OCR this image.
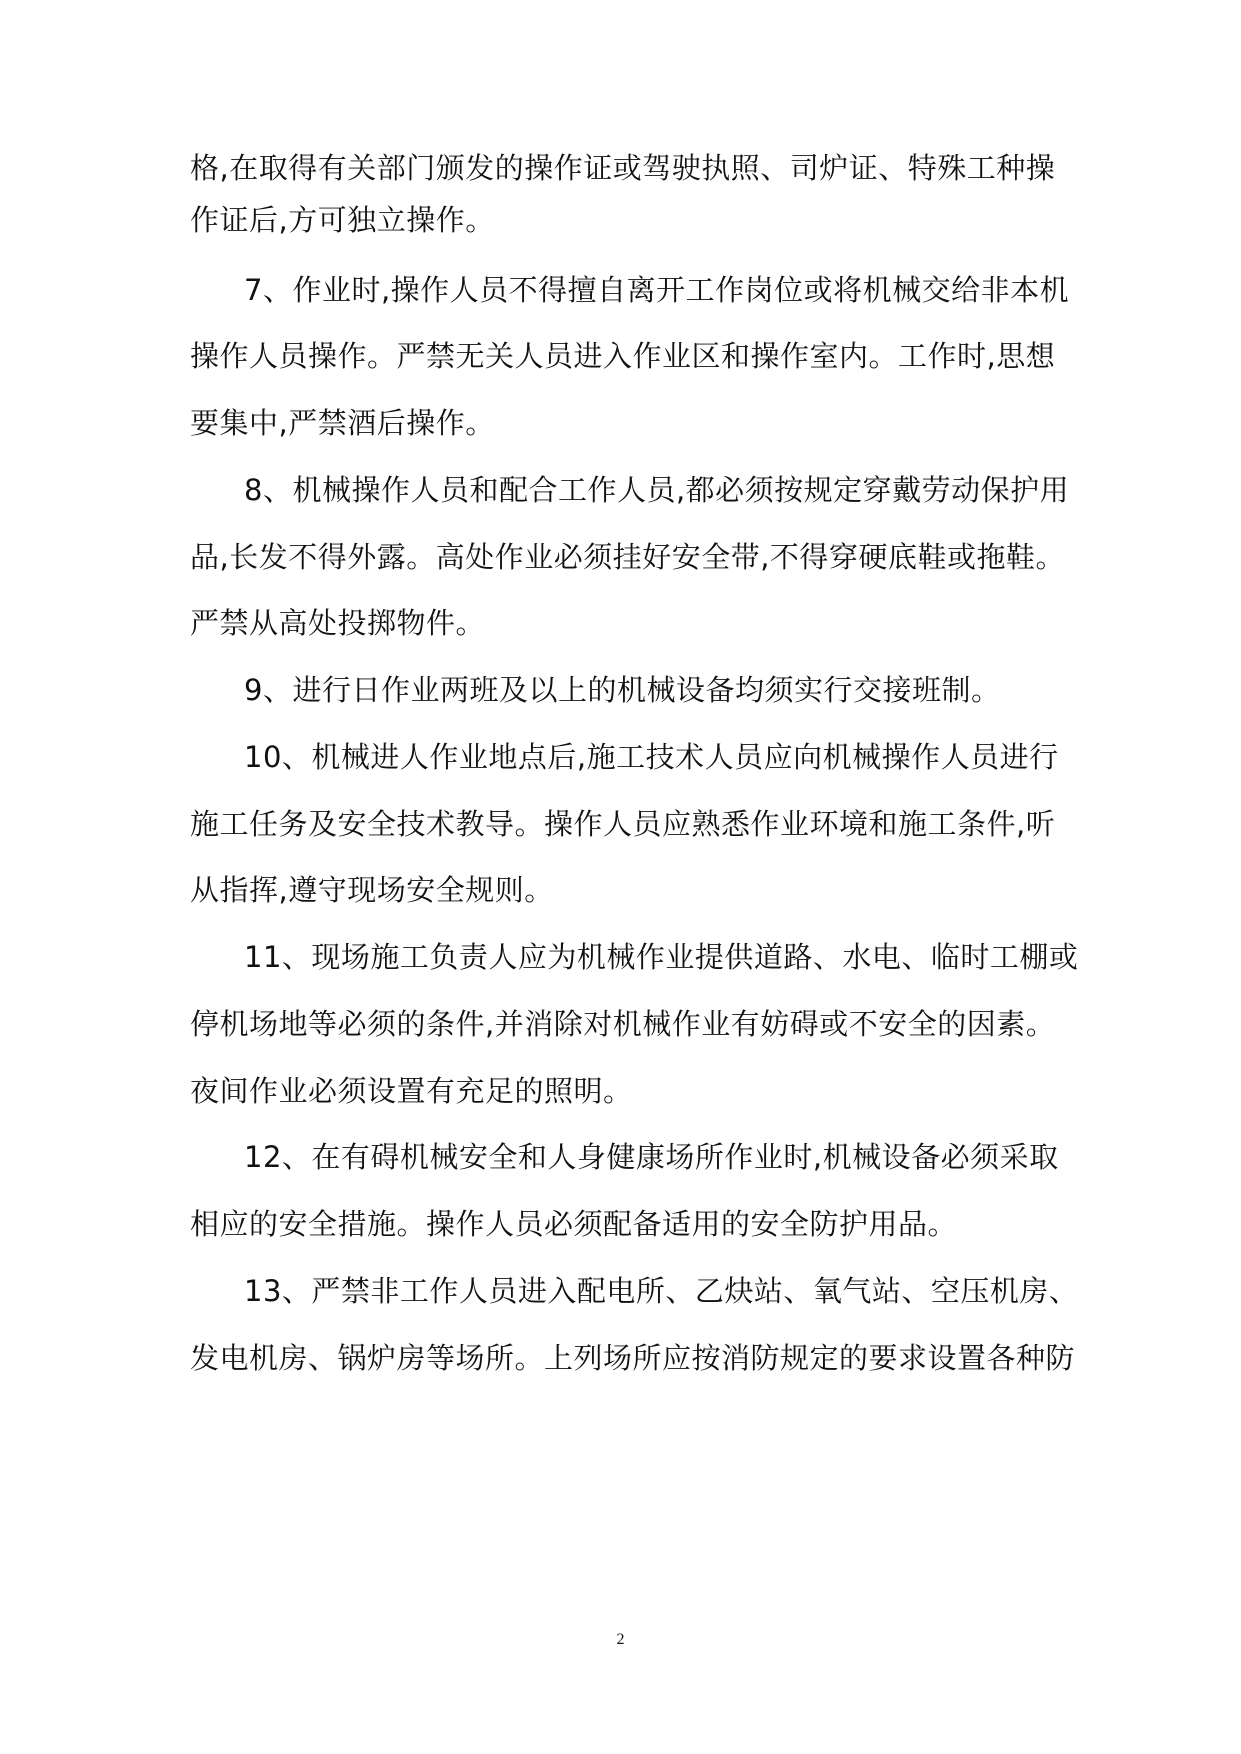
格,在取得有关部门颁发的操作证或驾驶执照、司炉证、特殊工种操
作证后,方可独立操作。
7、作业时,操作人员不得擅自离开工作岗位或将机械交给非本机
操作人员操作。严禁无关人员进入作业区和操作室内。工作时,思想
要集中,严禁酒后操作。
8、机械操作人员和配合工作人员,都必须按规定穿戴劳动保护用
品,长发不得外露。高处作业必须挂好安全带,不得穿硬底鞋或拖鞋。
严禁从高处投掷物件。
9、进行日作业两班及以上的机械设备均须实行交接班制。
10、机械进人作业地点后,施工技术人员应向机械操作人员进行
施工任务及安全技术教导。操作人员应熟悉作业环境和施工条件,听
从指挥,遵守现场安全规则。
11、现场施工负责人应为机械作业提供道路、水电、临时工棚或
停机场地等必须的条件,并消除对机械作业有妨碍或不安全的因素。
夜间作业必须设置有充足的照明。
12、在有碍机械安全和人身健康场所作业时,机械设备必须采取
相应的安全措施。操作人员必须配备适用的安全防护用品。
13、严禁非工作人员进入配电所、乙炔站、氧气站、空压机房、
发电机房、锅炉房等场所。上列场所应按消防规定的要求设置各种防
2
